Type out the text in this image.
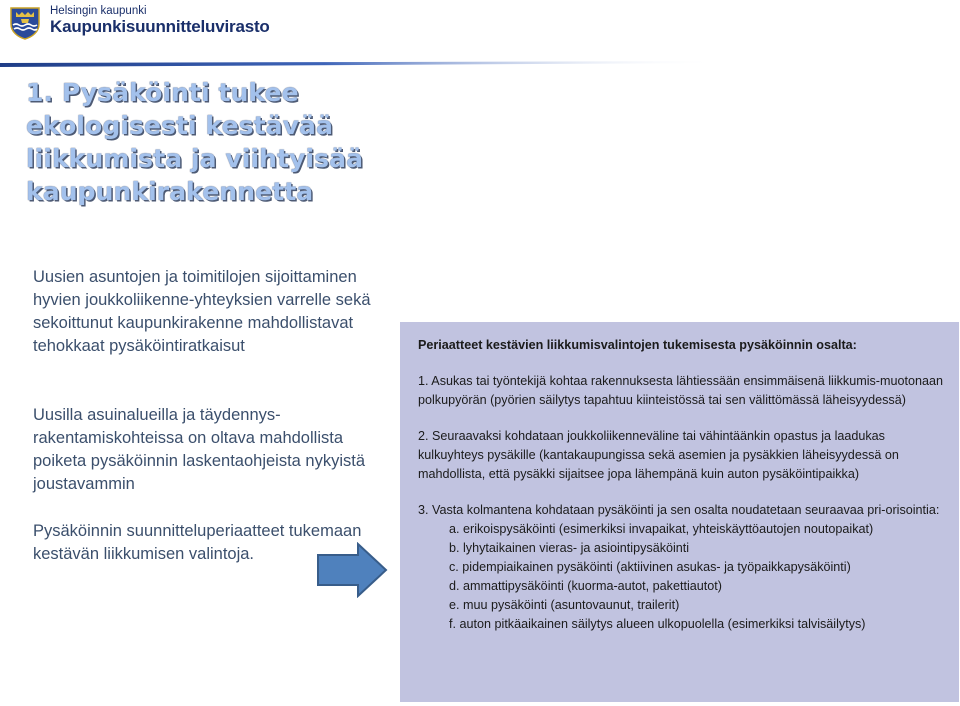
Helsingin kaupunki
Kaupunkisuunnitteluvirasto
1. Pysäköinti tukee ekologisesti kestävää liikkumista ja viihtyisää kaupunkirakennetta
Uusien asuntojen ja toimitilojen sijoittaminen hyvien joukkoliikenne-yhteyksien varrelle sekä sekoittunut kaupunkirakenne mahdollistavat tehokkaat pysäköintiratkaisut
Uusilla asuinalueilla ja täydennys-rakentamiskohteissa on oltava mahdollista poiketa pysäköinnin laskentaohjeista nykyistä joustavammin
Pysäköinnin suunnitteluperiaatteet tukemaan kestävän liikkumisen valintoja.
Periaatteet kestävien liikkumisvalintojen tukemisesta pysäköinnin osalta:
1. Asukas tai työntekijä kohtaa rakennuksesta lähtiessään ensimmäisenä liikkumis-muotonaan polkupyörän (pyörien säilytys tapahtuu kiinteistössä tai sen välittömässä läheisyydessä)
2. Seuraavaksi kohdataan joukkoliikenneväline tai vähintäänkin opastus ja laadukas kulkuyhteys pysäkille (kantakaupungissa sekä asemien ja pysäkkien läheisyydessä on mahdollista, että pysäkki sijaitsee jopa lähempänä kuin auton pysäköintipaikka)
3. Vasta kolmantena kohdataan pysäköinti ja sen osalta noudatetaan seuraavaa pri-orisointia:
a. erikoispysäköinti (esimerkiksi invapaikat, yhteiskäyttöautojen noutopaikat)
b. lyhytaikainen vieras- ja asiointipysäköinti
c. pidempiaikainen pysäköinti (aktiivinen asukas- ja työpaikkapysäköinti)
d. ammattipysäköinti (kuorma-autot, pakettiautot)
e. muu pysäköinti (asuntovaunut, trailerit)
f. auton pitkäaikainen säilytys alueen ulkopuolella (esimerkiksi talvisäilytys)
